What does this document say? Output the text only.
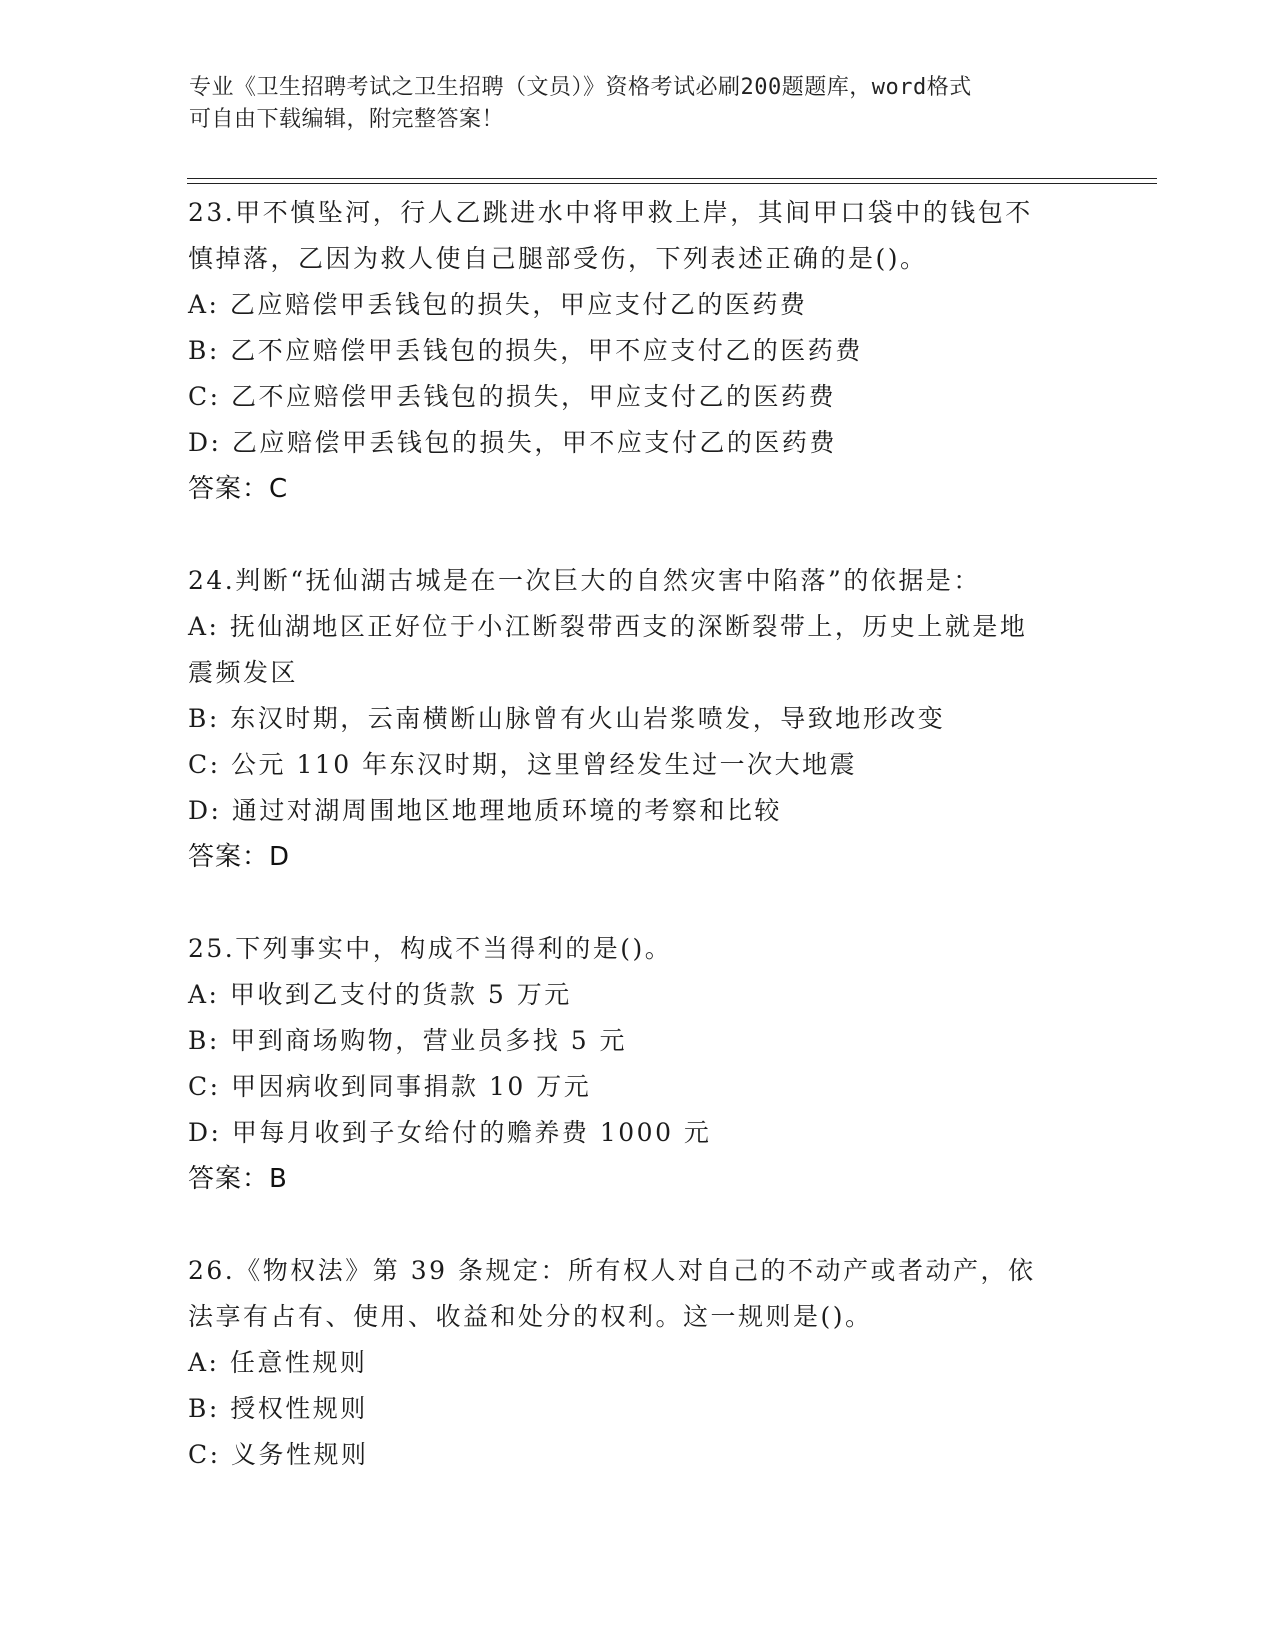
专业《卫生招聘考试之卫生招聘（文员）》资格考试必刷200题题库，word格式
可自由下载编辑，附完整答案！
23.甲不慎坠河，行人乙跳进水中将甲救上岸，其间甲口袋中的钱包不
慎掉落，乙因为救人使自己腿部受伤，下列表述正确的是()。
A: 乙应赔偿甲丢钱包的损失，甲应支付乙的医药费
B: 乙不应赔偿甲丢钱包的损失，甲不应支付乙的医药费
C: 乙不应赔偿甲丢钱包的损失，甲应支付乙的医药费
D: 乙应赔偿甲丢钱包的损失，甲不应支付乙的医药费
答案：C
24.判断“抚仙湖古城是在一次巨大的自然灾害中陷落”的依据是：
A: 抚仙湖地区正好位于小江断裂带西支的深断裂带上，历史上就是地
震频发区
B: 东汉时期，云南横断山脉曾有火山岩浆喷发，导致地形改变
C: 公元 110 年东汉时期，这里曾经发生过一次大地震
D: 通过对湖周围地区地理地质环境的考察和比较
答案：D
25.下列事实中，构成不当得利的是()。
A: 甲收到乙支付的货款 5 万元
B: 甲到商场购物，营业员多找 5 元
C: 甲因病收到同事捐款 10 万元
D: 甲每月收到子女给付的赡养费 1000 元
答案：B
26.《物权法》第 39 条规定：所有权人对自己的不动产或者动产，依
法享有占有、使用、收益和处分的权利。这一规则是()。
A: 任意性规则
B: 授权性规则
C: 义务性规则
